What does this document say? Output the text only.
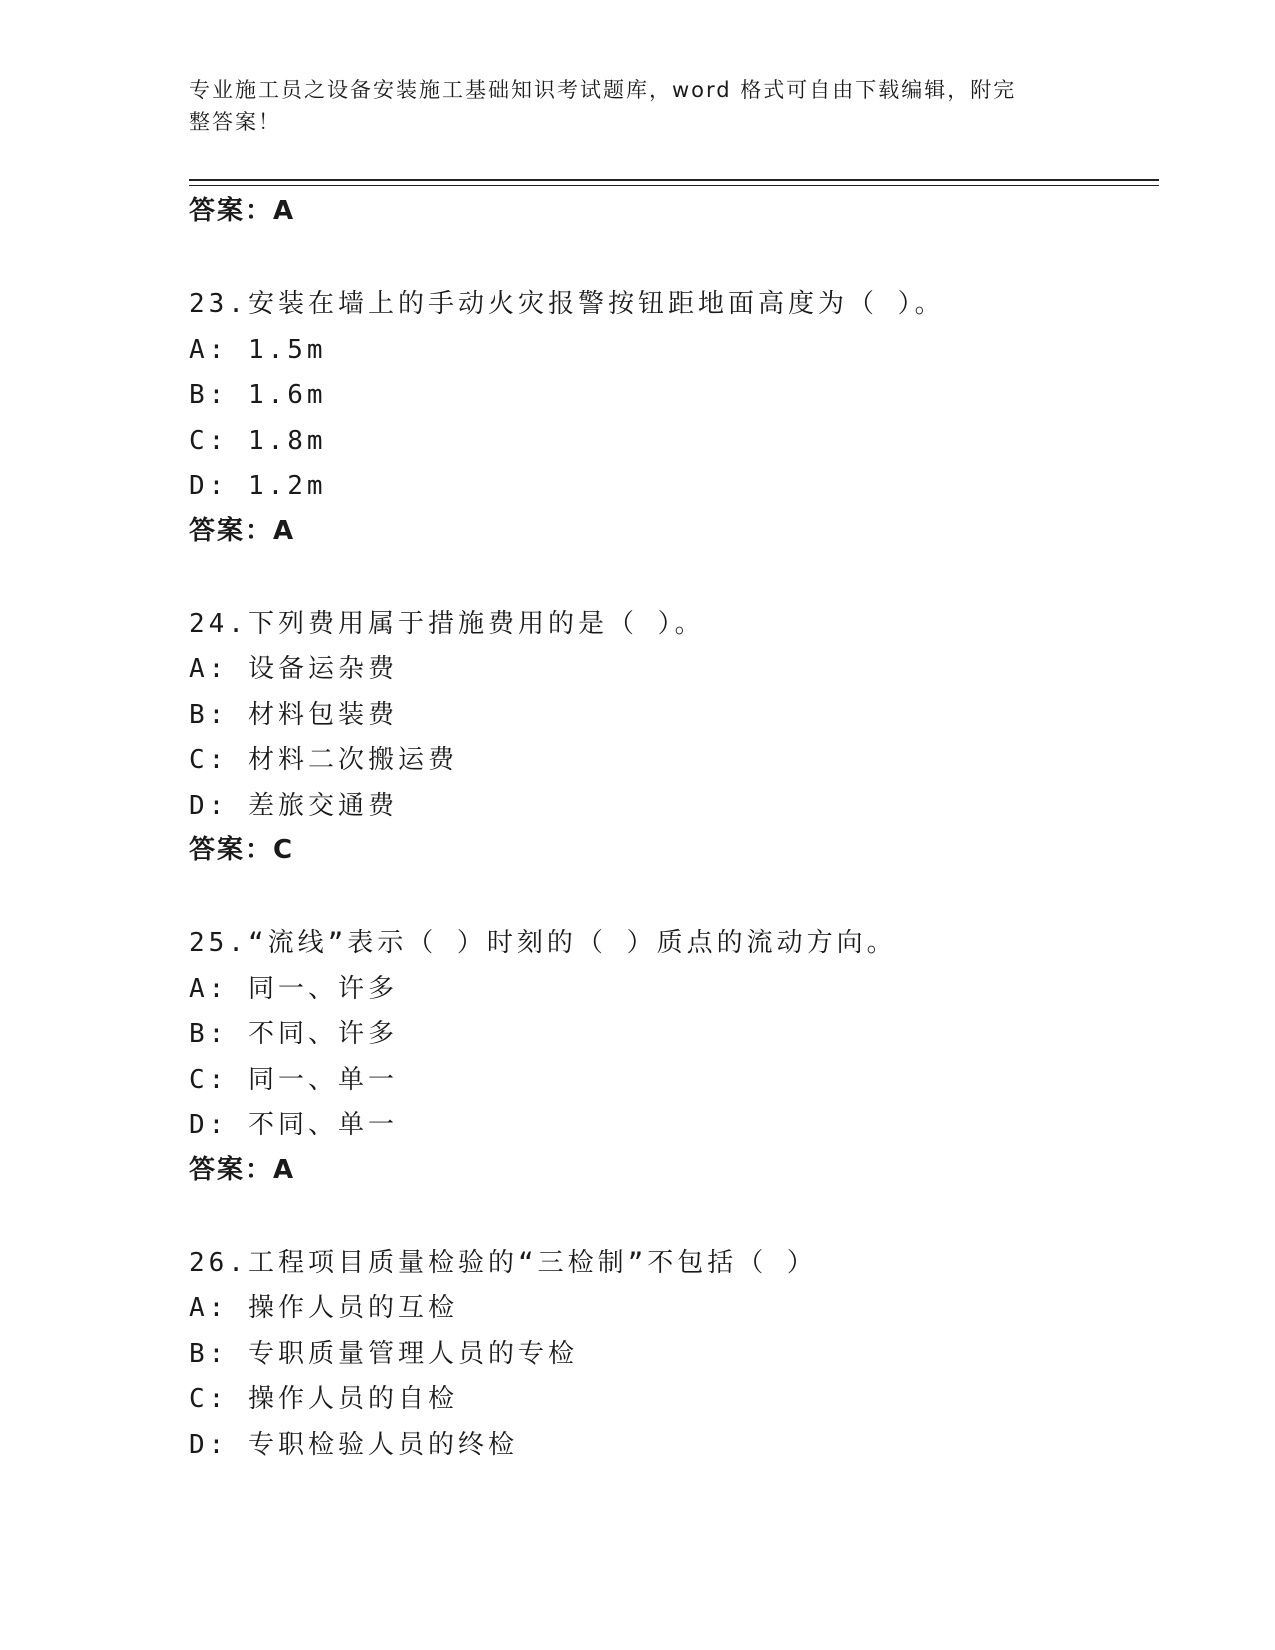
专业施工员之设备安装施工基础知识考试题库，word 格式可自由下载编辑，附完
整答案！
答案：A
23.安装在墙上的手动火灾报警按钮距地面高度为（ ）。
A: 1.5m
B: 1.6m
C: 1.8m
D: 1.2m
答案：A
24.下列费用属于措施费用的是（ ）。
A: 设备运杂费
B: 材料包装费
C: 材料二次搬运费
D: 差旅交通费
答案：C
25.“流线”表示（ ）时刻的（ ）质点的流动方向。
A: 同一、许多
B: 不同、许多
C: 同一、单一
D: 不同、单一
答案：A
26.工程项目质量检验的“三检制”不包括（ ）
A: 操作人员的互检
B: 专职质量管理人员的专检
C: 操作人员的自检
D: 专职检验人员的终检
